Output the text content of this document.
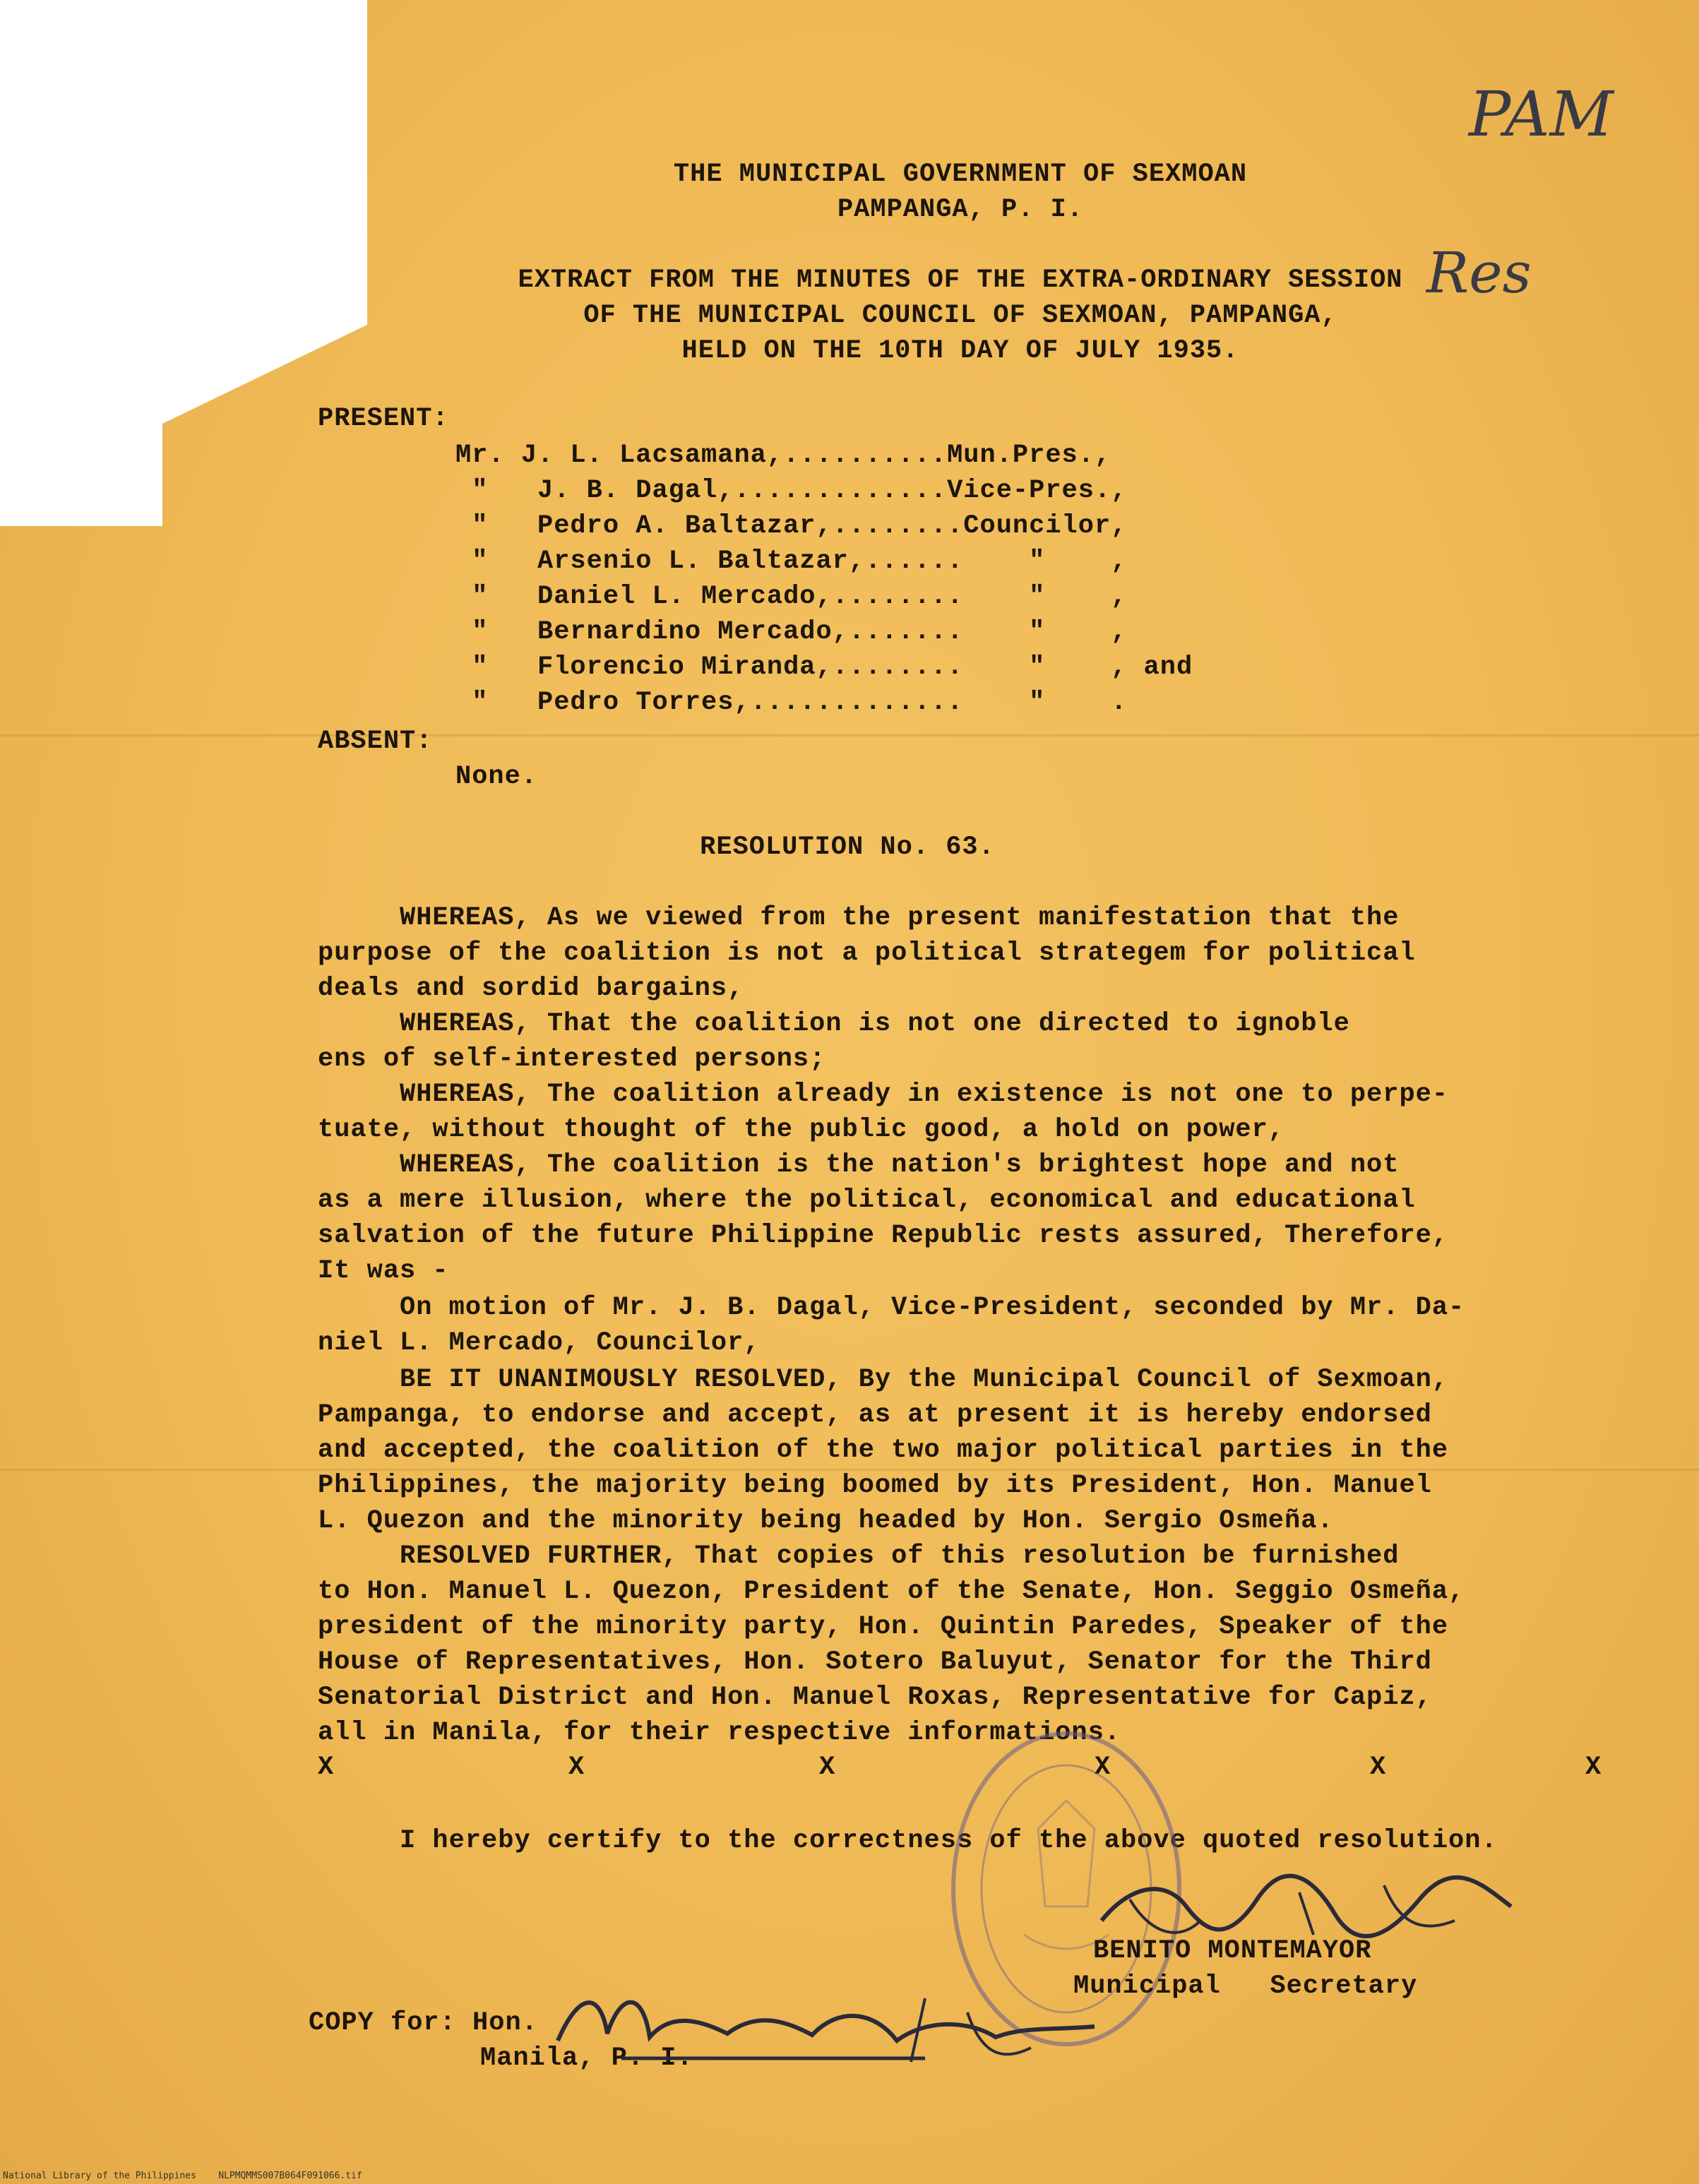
THE MUNICIPAL GOVERNMENT OF SEXMOAN
PAMPANGA, P. I.
EXTRACT FROM THE MINUTES OF THE EXTRA-ORDINARY SESSION
OF THE MUNICIPAL COUNCIL OF SEXMOAN, PAMPANGA,
HELD ON THE 10TH DAY OF JULY 1935.
PAM
Res
PRESENT:
Mr. J. L. Lacsamana,..........Mun.Pres.,
"   J. B. Dagal,.............Vice-Pres.,
"   Pedro A. Baltazar,........Councilor,
"   Arsenio L. Baltazar,......    "    ,
"   Daniel L. Mercado,........    "    ,
"   Bernardino Mercado,.......    "    ,
"   Florencio Miranda,........    "    , and
"   Pedro Torres,.............    "    .
ABSENT:
None.
RESOLUTION No. 63.
WHEREAS, As we viewed from the present manifestation that the
purpose of the coalition is not a political strategem for political
deals and sordid bargains,
WHEREAS, That the coalition is not one directed to ignoble
ens of self-interested persons;
WHEREAS, The coalition already in existence is not one to perpe-
tuate, without thought of the public good, a hold on power,
WHEREAS, The coalition is the nation's brightest hope and not
as a mere illusion, where the political, economical and educational
salvation of the future Philippine Republic rests assured, Therefore,
It was -
On motion of Mr. J. B. Dagal, Vice-President, seconded by Mr. Da-
niel L. Mercado, Councilor,
BE IT UNANIMOUSLY RESOLVED, By the Municipal Council of Sexmoan,
Pampanga, to endorse and accept, as at present it is hereby endorsed
and accepted, the coalition of the two major political parties in the
Philippines, the majority being boomed by its President, Hon. Manuel
L. Quezon and the minority being headed by Hon. Sergio Osmeña.
RESOLVED FURTHER, That copies of this resolution be furnished
to Hon. Manuel L. Quezon, President of the Senate, Hon. Seggio Osmeña,
president of the minority party, Hon. Quintin Paredes, Speaker of the
House of Representatives, Hon. Sotero Baluyut, Senator for the Third
Senatorial District and Hon. Manuel Roxas, Representative for Capiz,
all in Manila, for their respective informations.
X	X	X	X	X	X
I hereby certify to the correctness of the above quoted resolution.
BENITO MONTEMAYOR
Municipal   Secretary
COPY for: Hon.
Manila, P. I.
National Library of the Philippines    NLPMQMMS007B064F091066.tif
